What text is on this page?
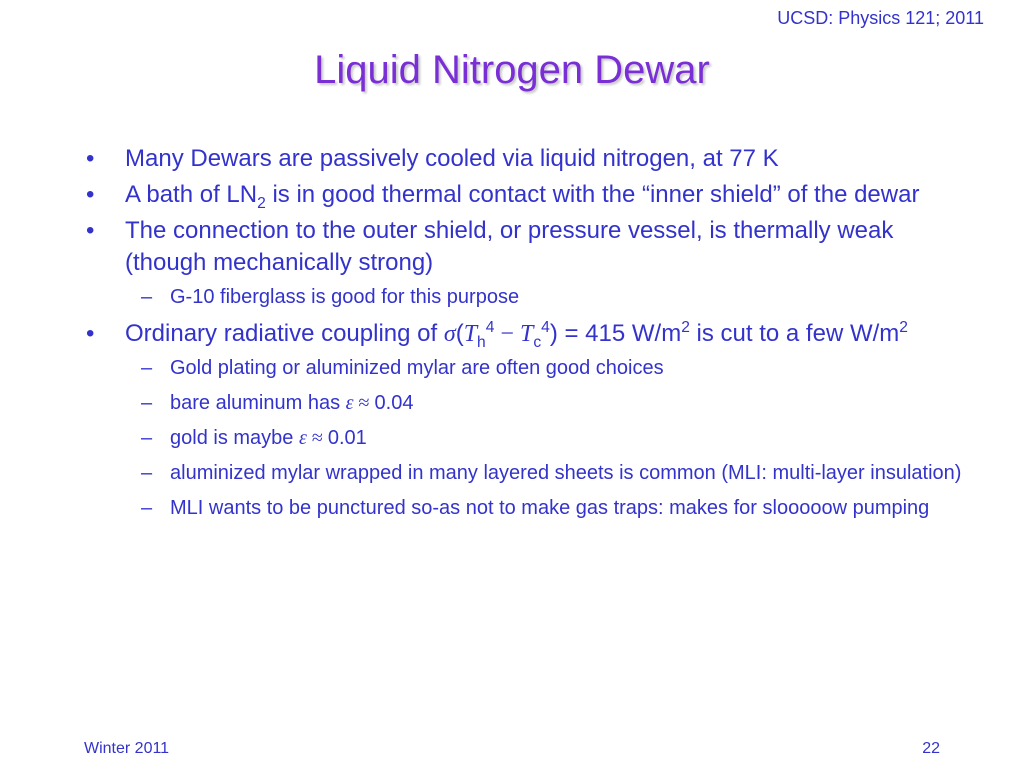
UCSD: Physics 121; 2011
Liquid Nitrogen Dewar
• Many Dewars are passively cooled via liquid nitrogen, at 77 K
• A bath of $LN_2$ is in good thermal contact with the “inner shield” of the dewar
• The connection to the outer shield, or pressure vessel, is thermally weak (though mechanically strong)
– G-10 fiberglass is good for this purpose
• Ordinary radiative coupling of $\sigma(T_h^4 - T_c^4) = 415$ $W/m^2$ is cut to a few $W/m^2$
– Gold plating or aluminized mylar are often good choices
– bare aluminum has ε ≈ 0.04
– gold is maybe ε ≈ 0.01
– aluminized mylar wrapped in many layered sheets is common (MLI: multi-layer insulation)
– MLI wants to be punctured so-as not to make gas traps: makes for slooooow pumping
Winter 2011	22
